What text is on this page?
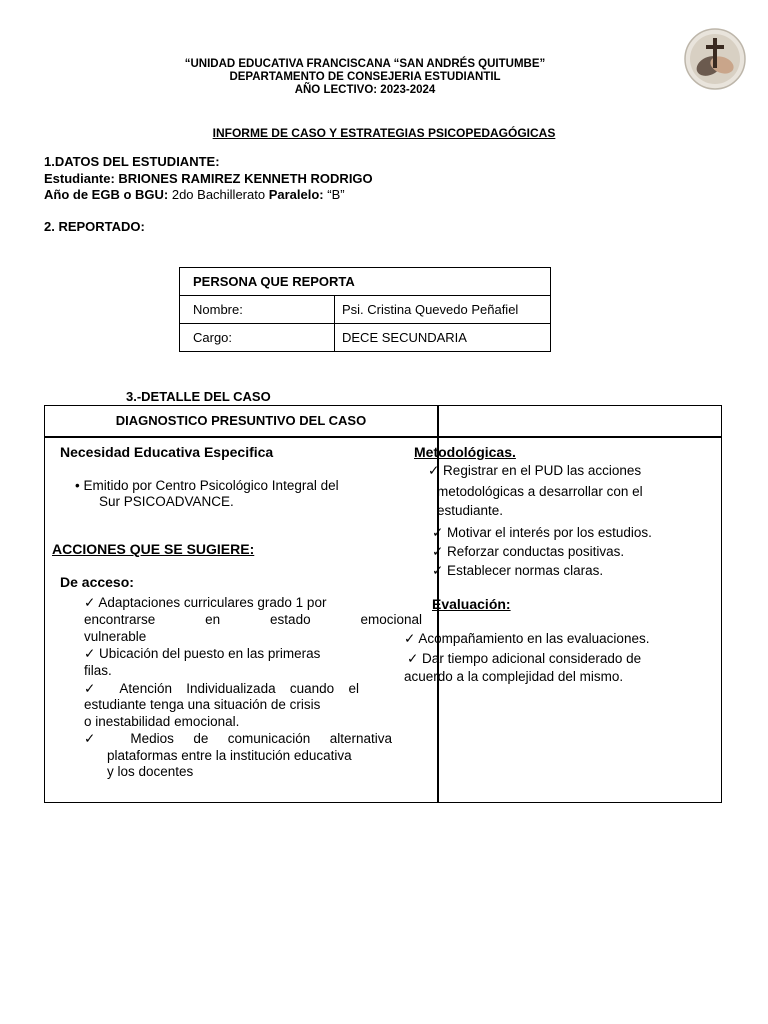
“UNIDAD EDUCATIVA FRANCISCANA “SAN ANDRÉS QUITUMBE”
DEPARTAMENTO DE CONSEJERIA ESTUDIANTIL
AÑO LECTIVO: 2023-2024
INFORME DE CASO Y ESTRATEGIAS PSICOPEDAGÓGICAS
1.DATOS DEL ESTUDIANTE:
Estudiante: BRIONES RAMIREZ KENNETH RODRIGO
Año de EGB o BGU: 2do Bachillerato Paralelo: “B”
2. REPORTADO:
PERSONA QUE REPORTA	
Nombre:	Psi. Cristina Quevedo Peñafiel
Cargo:	DECE SECUNDARIA
3.-DETALLE DEL CASO
DIAGNOSTICO PRESUNTIVO DEL CASO
Necesidad Educativa Especifica
• Emitido por Centro Psicológico Integral del
Sur PSICOADVANCE.
ACCIONES QUE SE SUGIERE:
De acceso:
✓ Adaptaciones curriculares grado 1 por
encontrarse en estado emocional
vulnerable
✓ Ubicación del puesto en las primeras
filas.
✓ Atención Individualizada cuando el
estudiante tenga una situación de crisis
o inestabilidad emocional.
✓ Medios de comunicación alternativa
plataformas entre la institución educativa
y los docentes
Metodológicas.
✓ Registrar en el PUD las acciones
metodológicas a desarrollar con el
estudiante.
✓ Motivar el interés por los estudios.
✓ Reforzar conductas positivas.
✓ Establecer normas claras.
Evaluación:
✓ Acompañamiento en las evaluaciones.
✓ Dar tiempo adicional considerado de
acuerdo a la complejidad del mismo.
